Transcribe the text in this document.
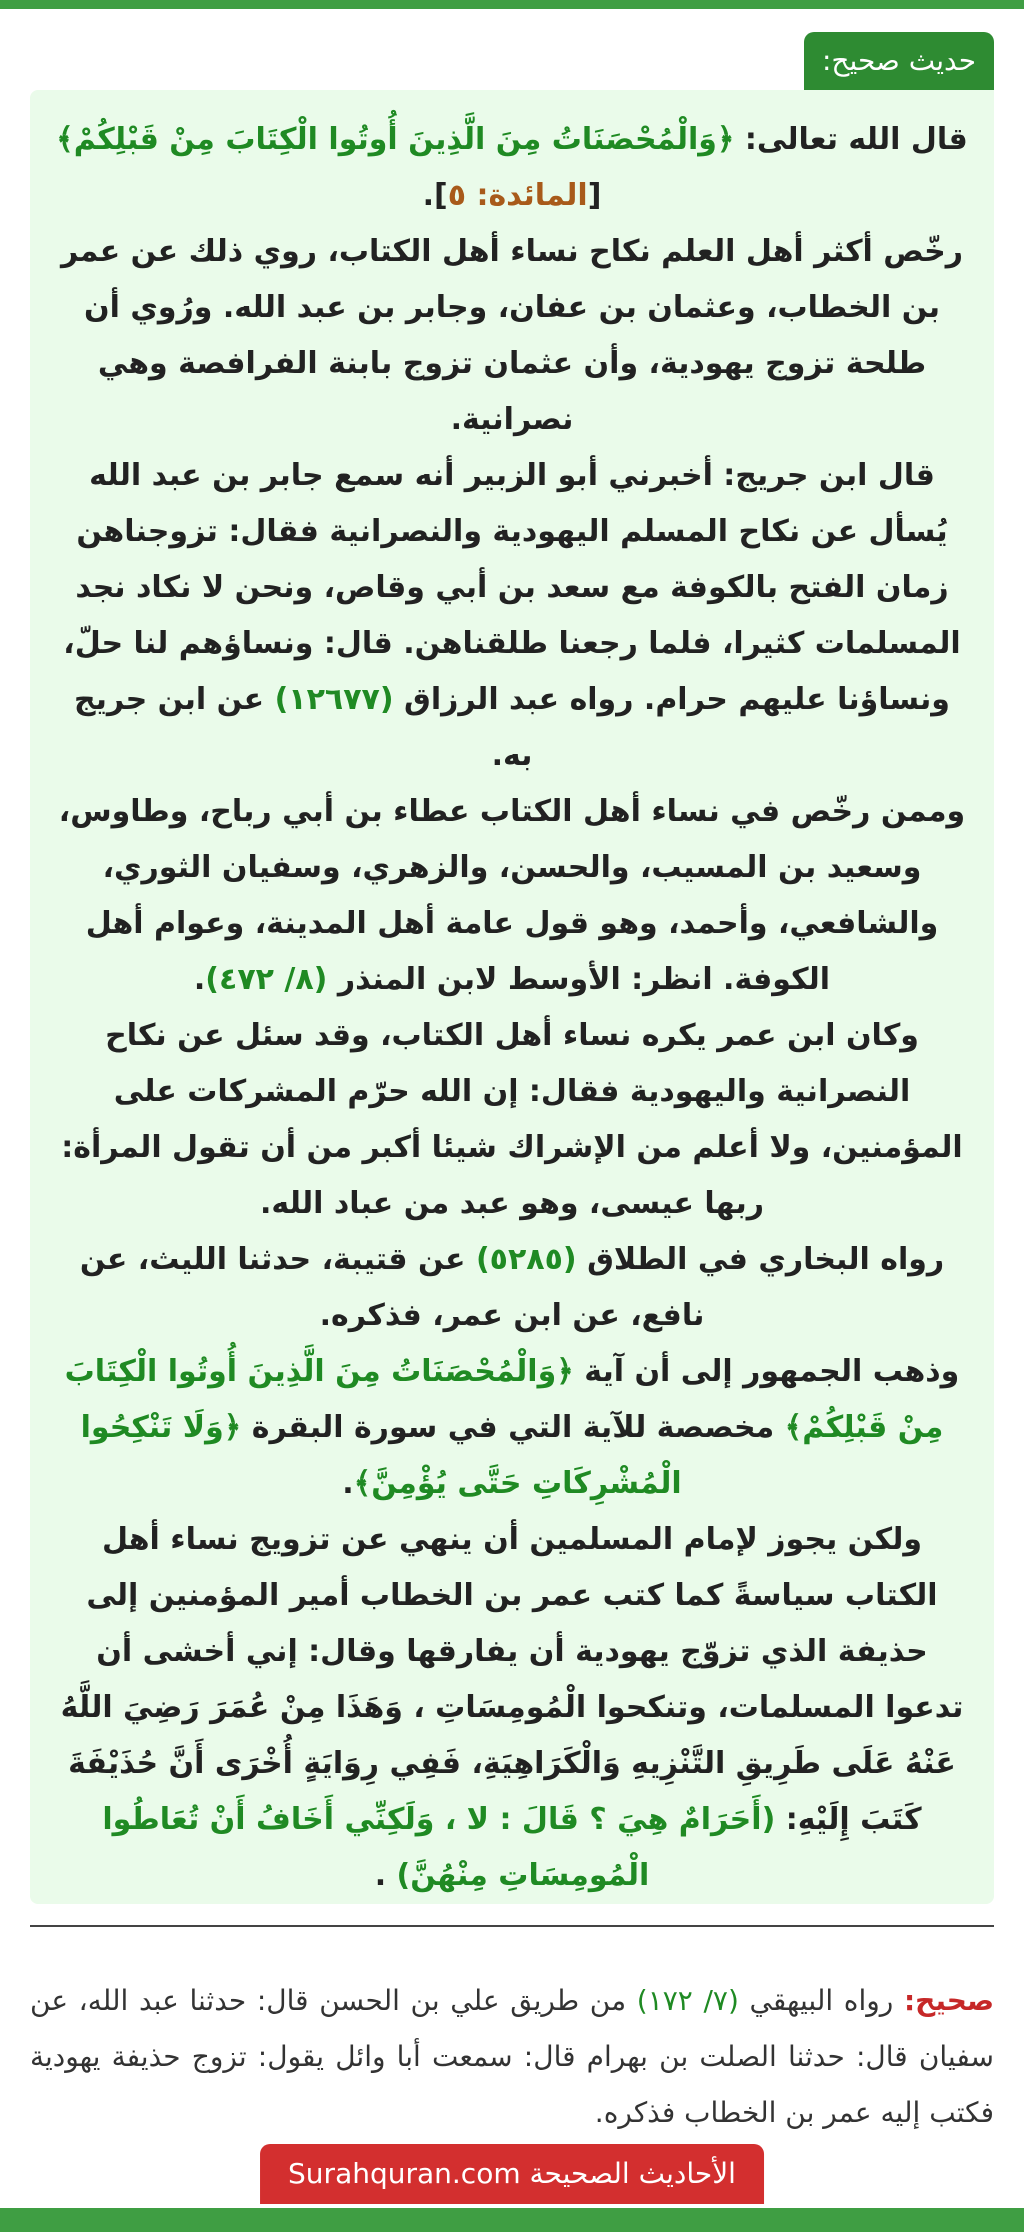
حديث صحيح:

قال الله تعالى: ﴿وَالْمُحْصَنَاتُ مِنَ الَّذِينَ أُوتُوا الْكِتَابَ مِنْ قَبْلِكُمْ﴾ [المائدة: ٥].

رخّص أكثر أهل العلم نكاح نساء أهل الكتاب، روي ذلك عن عمر بن الخطاب، وعثمان بن عفان، وجابر بن عبد الله. ورُوي أن طلحة تزوج يهودية، وأن عثمان تزوج بابنة الفرافصة وهي نصرانية.

قال ابن جريج: أخبرني أبو الزبير أنه سمع جابر بن عبد الله يُسأل عن نكاح المسلم اليهودية والنصرانية فقال: تزوجناهن زمان الفتح بالكوفة مع سعد بن أبي وقاص، ونحن لا نكاد نجد المسلمات كثيرا، فلما رجعنا طلقناهن. قال: ونساؤهم لنا حلّ، ونساؤنا عليهم حرام. رواه عبد الرزاق (١٢٦٧٧) عن ابن جريج به.

وممن رخّص في نساء أهل الكتاب عطاء بن أبي رباح، وطاوس، وسعيد بن المسيب، والحسن، والزهري، وسفيان الثوري، والشافعي، وأحمد، وهو قول عامة أهل المدينة، وعوام أهل الكوفة. انظر: الأوسط لابن المنذر (٨/ ٤٧٢).

وكان ابن عمر يكره نساء أهل الكتاب، وقد سئل عن نكاح النصرانية واليهودية فقال: إن الله حرّم المشركات على المؤمنين، ولا أعلم من الإشراك شيئا أكبر من أن تقول المرأة: ربها عيسى، وهو عبد من عباد الله.

رواه البخاري في الطلاق (٥٢٨٥) عن قتيبة، حدثنا الليث، عن نافع، عن ابن عمر، فذكره.

وذهب الجمهور إلى أن آية ﴿وَالْمُحْصَنَاتُ مِنَ الَّذِينَ أُوتُوا الْكِتَابَ مِنْ قَبْلِكُمْ﴾ مخصصة للآية التي في سورة البقرة ﴿وَلَا تَنْكِحُوا الْمُشْرِكَاتِ حَتَّى يُؤْمِنَّ﴾.

ولكن يجوز لإمام المسلمين أن ينهي عن تزويج نساء أهل الكتاب سياسةً كما كتب عمر بن الخطاب أمير المؤمنين إلى حذيفة الذي تزوّج يهودية أن يفارقها وقال: إني أخشى أن تدعوا المسلمات، وتنكحوا الْمُومِسَاتِ ، وَهَذَا مِنْ عُمَرَ رَضِيَ اللَّهُ عَنْهُ عَلَى طَرِيقِ التَّنْزِيهِ وَالْكَرَاهِيَةِ، فَفِي رِوَايَةٍ أُخْرَى أَنَّ حُذَيْفَةَ كَتَبَ إِلَيْهِ: (أَحَرَامٌ هِيَ ؟ قَالَ : لا ، وَلَكِنِّي أَخَافُ أَنْ تُعَاطُوا الْمُومِسَاتِ مِنْهُنَّ) .

صحيح: رواه البيهقي (٧/ ١٧٢) من طريق علي بن الحسن قال: حدثنا عبد الله، عن سفيان قال: حدثنا الصلت بن بهرام قال: سمعت أبا وائل يقول: تزوج حذيفة يهودية فكتب إليه عمر بن الخطاب فذكره.

الأحاديث الصحيحة Surahquran.com
